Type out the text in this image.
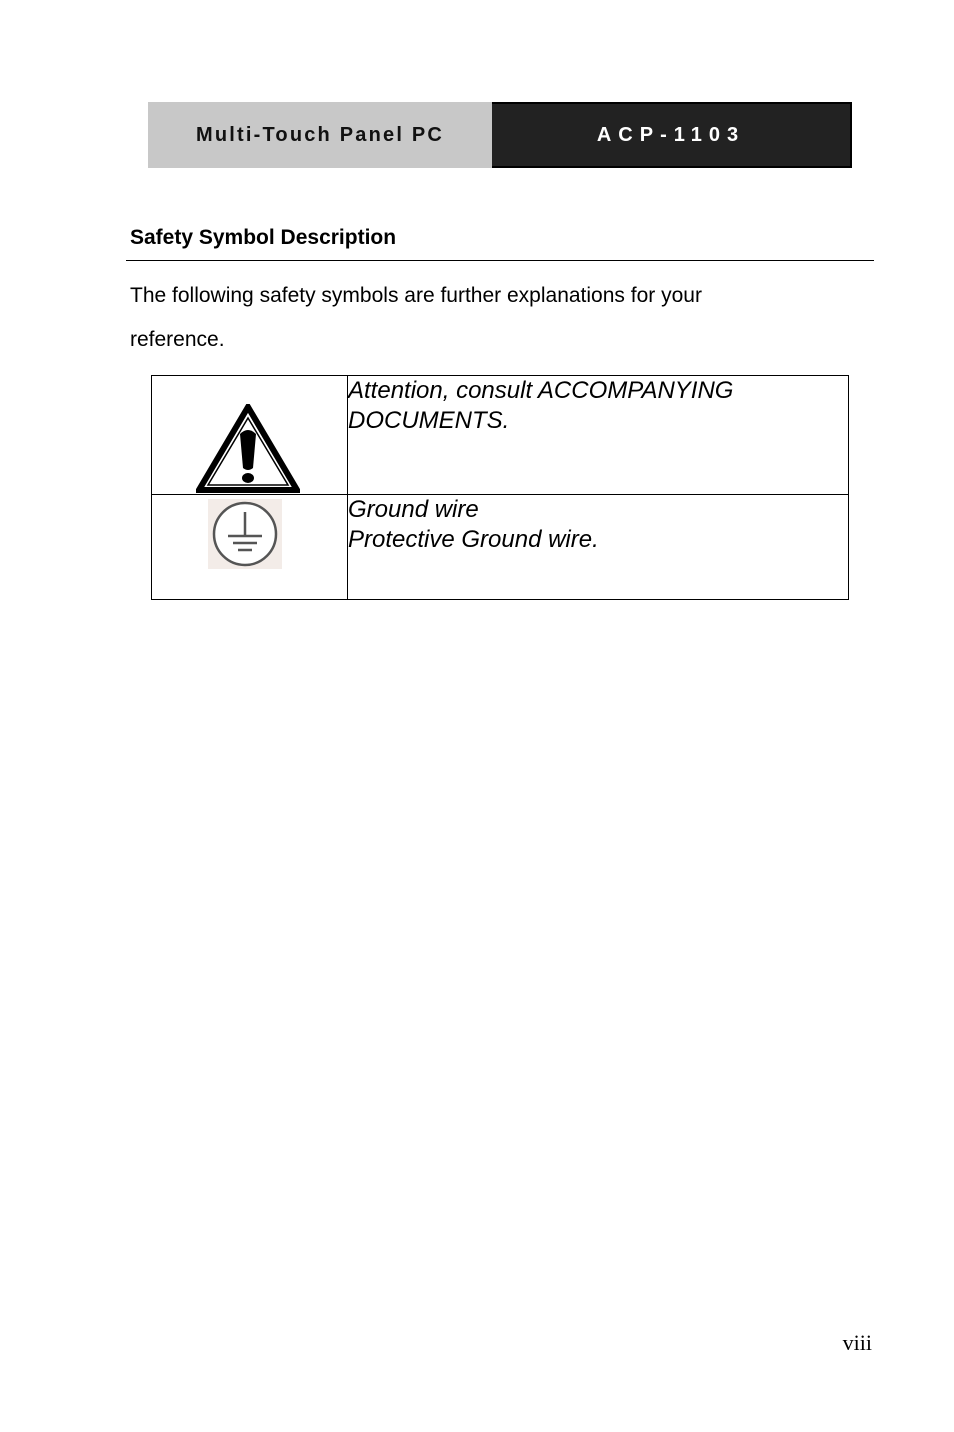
Multi-Touch Panel PC	ACP-1103
Safety Symbol Description

The following safety symbols are further explanations for your
reference.

Attention, consult ACCOMPANYING
DOCUMENTS.

Ground wire
Protective Ground wire.
viii
